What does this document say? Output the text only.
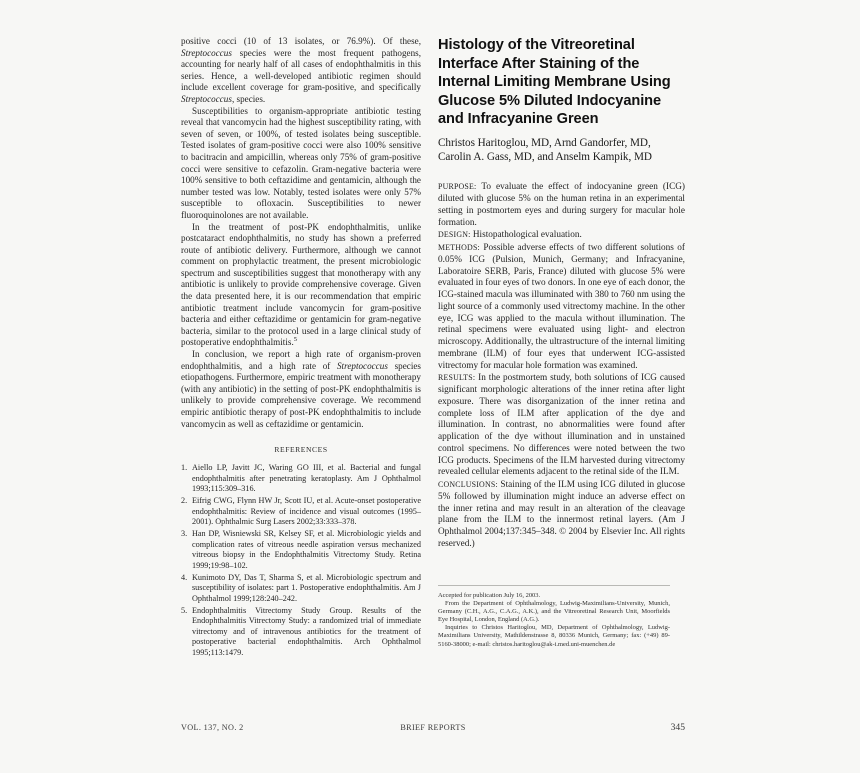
positive cocci (10 of 13 isolates, or 76.9%). Of these, Streptococcus species were the most frequent pathogens, accounting for nearly half of all cases of endophthalmitis in this series. Hence, a well-developed antibiotic regimen should include excellent coverage for gram-positive, and specifically Streptococcus, species.

Susceptibilities to organism-appropriate antibiotic testing reveal that vancomycin had the highest susceptibility rating, with seven of seven, or 100%, of tested isolates being susceptible. Tested isolates of gram-positive cocci were also 100% sensitive to bacitracin and ampicillin, whereas only 75% of gram-positive cocci were sensitive to cefazolin. Gram-negative bacteria were 100% sensitive to both ceftazidime and gentamicin, although the number tested was low. Notably, tested isolates were only 57% susceptible to ofloxacin. Susceptibilities to newer fluoroquinolones are not available.

In the treatment of post-PK endophthalmitis, unlike postcataract endophthalmitis, no study has shown a preferred route of antibiotic delivery. Furthermore, although we cannot comment on prophylactic treatment, the present microbiologic spectrum and susceptibilities suggest that monotherapy with any antibiotic is unlikely to provide comprehensive coverage. Given the data presented here, it is our recommendation that empiric antibiotic treatment include vancomycin for gram-positive bacteria and either ceftazidime or gentamicin for gram-negative bacteria, similar to the protocol used in a large clinical study of postoperative endophthalmitis.$^5$

In conclusion, we report a high rate of organism-proven endophthalmitis, and a high rate of Streptococcus species etiopathogens. Furthermore, empiric treatment with monotherapy (with any antibiotic) in the setting of post-PK endophthalmitis is unlikely to provide comprehensive coverage. We recommend empiric antibiotic therapy of post-PK endophthalmitis to include vancomycin as well as ceftazidime or gentamicin.

REFERENCES
1. Aiello LP, Javitt JC, Waring GO III, et al. Bacterial and fungal endophthalmitis after penetrating keratoplasty. Am J Ophthalmol 1993;115:309–316.
2. Eifrig CWG, Flynn HW Jr, Scott IU, et al. Acute-onset postoperative endophthalmitis: Review of incidence and visual outcomes (1995–2001). Ophthalmic Surg Lasers 2002;33:333–378.
3. Han DP, Wisniewski SR, Kelsey SF, et al. Microbiologic yields and complication rates of vitreous needle aspiration versus mechanized vitreous biopsy in the Endophthalmitis Vitrectomy Study. Retina 1999;19:98–102.
4. Kunimoto DY, Das T, Sharma S, et al. Microbiologic spectrum and susceptibility of isolates: part 1. Postoperative endophthalmitis. Am J Ophthalmol 1999;128:240–242.
5. Endophthalmitis Vitrectomy Study Group. Results of the Endophthalmitis Vitrectomy Study: a randomized trial of immediate vitrectomy and of intravenous antibiotics for the treatment of postoperative bacterial endophthalmitis. Arch Ophthalmol 1995;113:1479.
Histology of the Vitreoretinal Interface After Staining of the Internal Limiting Membrane Using Glucose 5% Diluted Indocyanine and Infracyanine Green
Christos Haritoglou, MD, Arnd Gandorfer, MD, Carolin A. Gass, MD, and Anselm Kampik, MD

PURPOSE: To evaluate the effect of indocyanine green (ICG) diluted with glucose 5% on the human retina in an experimental setting in postmortem eyes and during surgery for macular hole formation.

DESIGN: Histopathological evaluation.

METHODS: Possible adverse effects of two different solutions of 0.05% ICG (Pulsion, Munich, Germany; and Infracyanine, Laboratoire SERB, Paris, France) diluted with glucose 5% were evaluated in four eyes of two donors. In one eye of each donor, the ICG-stained macula was illuminated with 380 to 760 nm using the light source of a commonly used vitrectomy machine. In the other eye, ICG was applied to the macula without illumination. The retinal specimens were evaluated using light- and electron microscopy. Additionally, the ultrastructure of the internal limiting membrane (ILM) of four eyes that underwent ICG-assisted vitrectomy for macular hole formation was examined.

RESULTS: In the postmortem study, both solutions of ICG caused significant morphologic alterations of the inner retina after light exposure. There was disorganization of the inner retina and complete loss of ILM after application of the dye and illumination. In contrast, no abnormalities were found after application of the dye without illumination and in unstained control specimens. No differences were noted between the two ICG products. Specimens of the ILM harvested during vitrectomy revealed cellular elements adjacent to the retinal side of the ILM.

CONCLUSIONS: Staining of the ILM using ICG diluted in glucose 5% followed by illumination might induce an adverse effect on the inner retina and may result in an alteration of the cleavage plane from the ILM to the innermost retinal layers. (Am J Ophthalmol 2004;137:345–348. © 2004 by Elsevier Inc. All rights reserved.)

Accepted for publication July 16, 2003.

From the Department of Ophthalmology, Ludwig-Maximilians-University, Munich, Germany (C.H., A.G., C.A.G., A.K.), and the Vitreoretinal Research Unit, Moorfields Eye Hospital, London, England (A.G.).

Inquiries to Christos Haritoglou, MD, Department of Ophthalmology, Ludwig-Maximilians University, Mathildenstrasse 8, 80336 Munich, Germany; fax: (+49) 89-5160-38000; e-mail: christos.haritoglou@ak-i.med.uni-muenchen.de

VOL. 137, NO. 2	BRIEF REPORTS	345
